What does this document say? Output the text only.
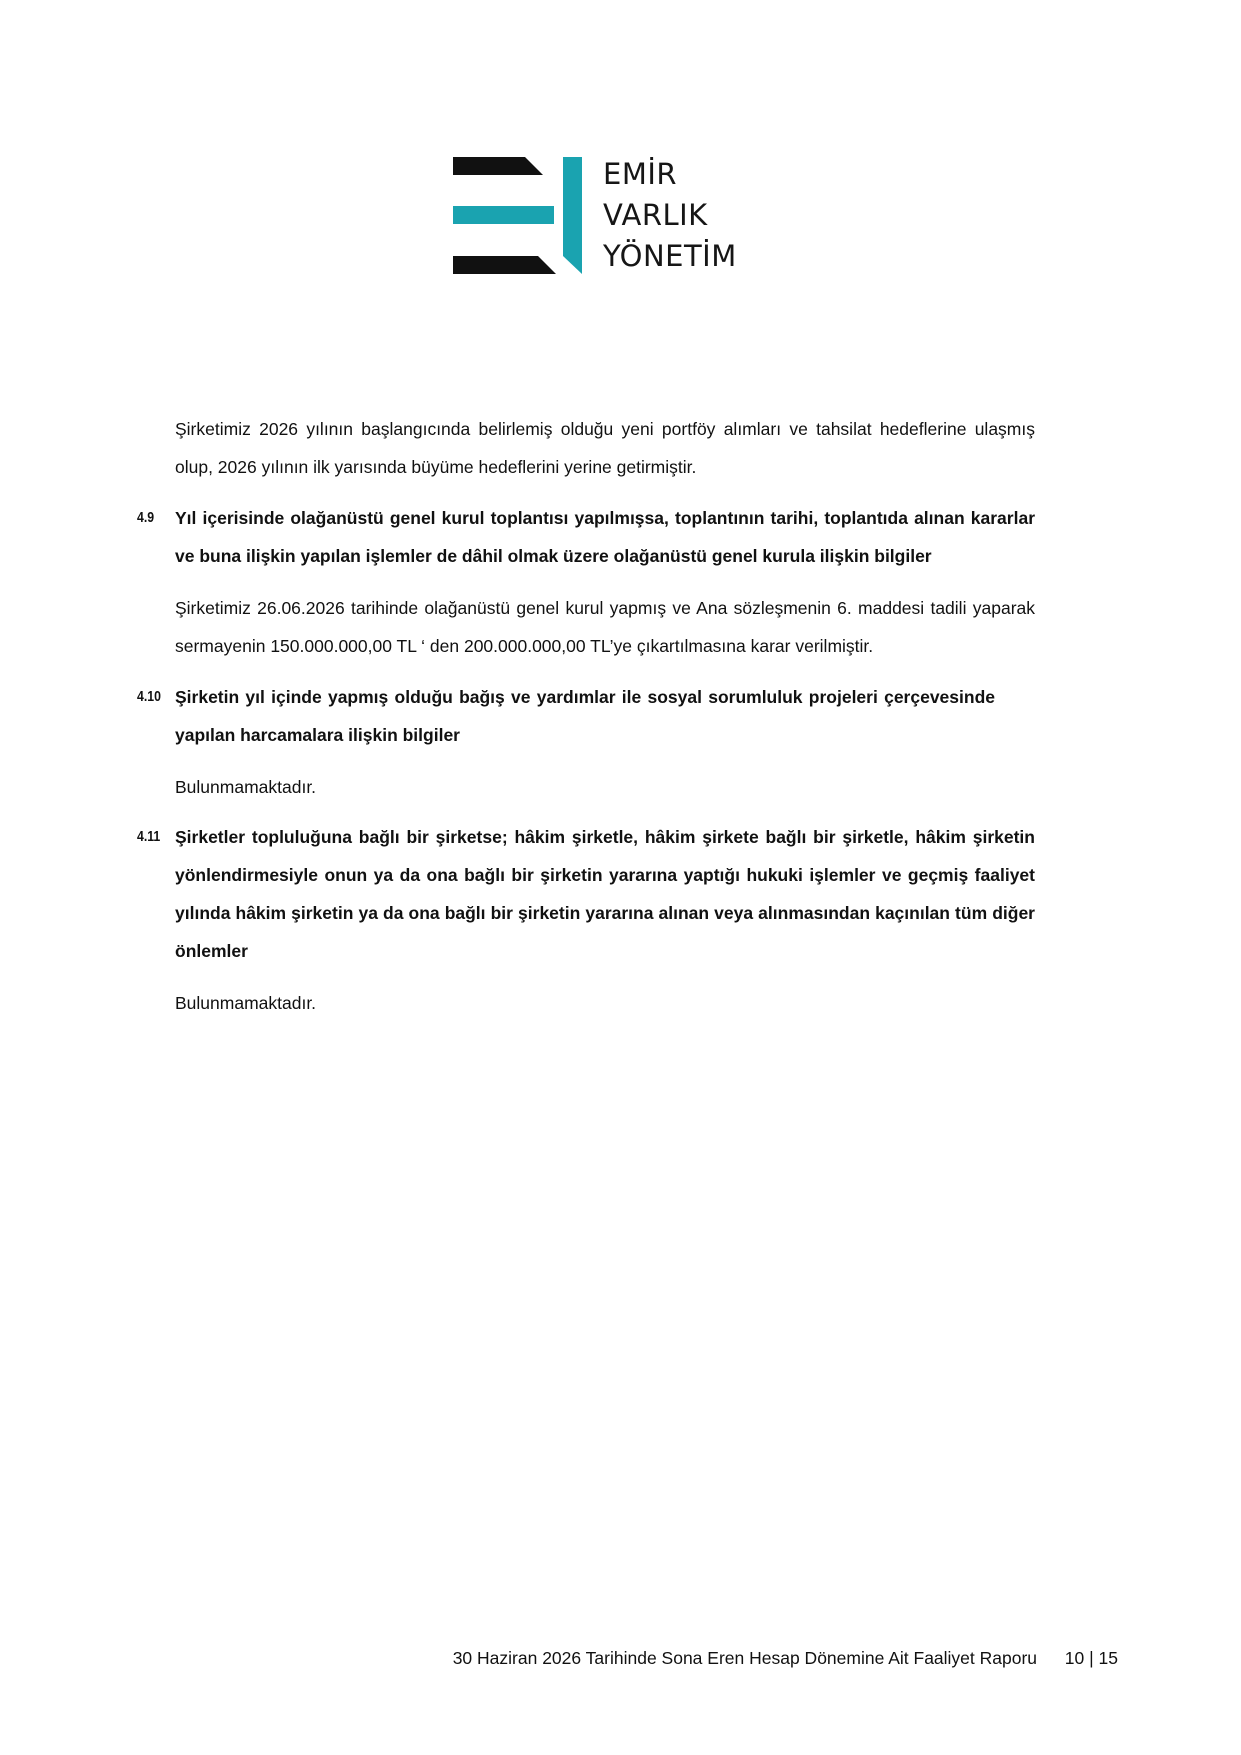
EMİR
VARLIK
YÖNETİM

Şirketimiz 2026 yılının başlangıcında belirlemiş olduğu yeni portföy alımları ve tahsilat hedeflerine ulaşmış olup, 2026 yılının ilk yarısında büyüme hedeflerini yerine getirmiştir.

4.9 Yıl içerisinde olağanüstü genel kurul toplantısı yapılmışsa, toplantının tarihi, toplantıda alınan kararlar ve buna ilişkin yapılan işlemler de dâhil olmak üzere olağanüstü genel kurula ilişkin bilgiler

Şirketimiz 26.06.2026 tarihinde olağanüstü genel kurul yapmış ve Ana sözleşmenin 6. maddesi tadili yaparak sermayenin 150.000.000,00 TL ‘ den 200.000.000,00 TL’ye çıkartılmasına karar verilmiştir.

4.10 Şirketin yıl içinde yapmış olduğu bağış ve yardımlar ile sosyal sorumluluk projeleri çerçevesinde yapılan harcamalara ilişkin bilgiler

Bulunmamaktadır.

4.11 Şirketler topluluğuna bağlı bir şirketse; hâkim şirketle, hâkim şirkete bağlı bir şirketle, hâkim şirketin yönlendirmesiyle onun ya da ona bağlı bir şirketin yararına yaptığı hukuki işlemler ve geçmiş faaliyet yılında hâkim şirketin ya da ona bağlı bir şirketin yararına alınan veya alınmasından kaçınılan tüm diğer önlemler

Bulunmamaktadır.

30 Haziran 2026 Tarihinde Sona Eren Hesap Dönemine Ait Faaliyet Raporu 10 | 15
